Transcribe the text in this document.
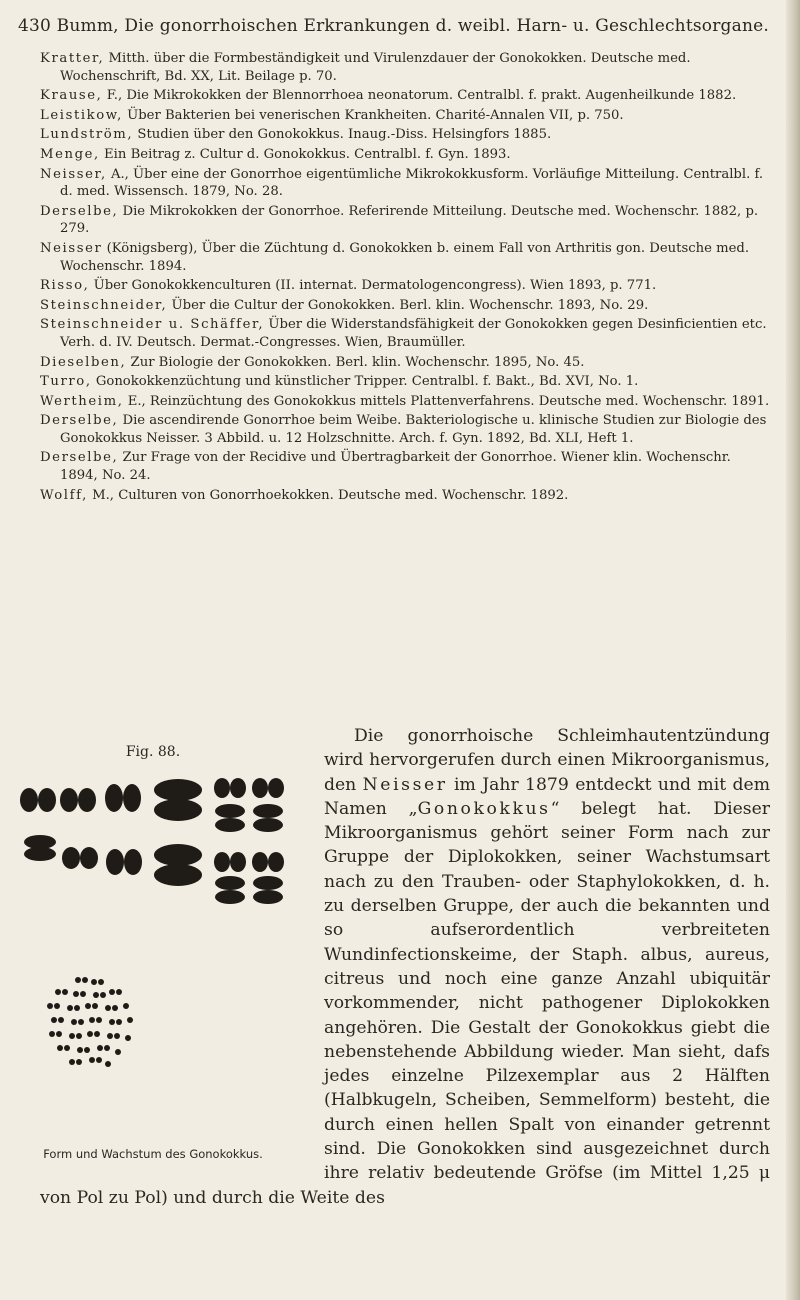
430 Bumm, Die gonorrhoischen Erkrankungen d. weibl. Harn- u. Geschlechtsorgane.

Kratter, Mitth. über die Formbeständigkeit und Virulenzdauer der Gonokokken. Deutsche med. Wochenschrift, Bd. XX, Lit. Beilage p. 70.

Krause, F., Die Mikrokokken der Blennorrhoea neonatorum. Centralbl. f. prakt. Augenheilkunde 1882.

Leistikow, Über Bakterien bei venerischen Krankheiten. Charité-Annalen VII, p. 750.

Lundström, Studien über den Gonokokkus. Inaug.-Diss. Helsingfors 1885.

Menge, Ein Beitrag z. Cultur d. Gonokokkus. Centralbl. f. Gyn. 1893.

Neisser, A., Über eine der Gonorrhoe eigentümliche Mikrokokkusform. Vorläufige Mitteilung. Centralbl. f. d. med. Wissensch. 1879, No. 28.

Derselbe, Die Mikrokokken der Gonorrhoe. Referirende Mitteilung. Deutsche med. Wochenschr. 1882, p. 279.

Neisser (Königsberg), Über die Züchtung d. Gonokokken b. einem Fall von Arthritis gon. Deutsche med. Wochenschr. 1894.

Risso, Über Gonokokkenculturen (II. internat. Dermatologencongress). Wien 1893, p. 771.

Steinschneider, Über die Cultur der Gonokokken. Berl. klin. Wochenschr. 1893, No. 29.

Steinschneider u. Schäffer, Über die Widerstandsfähigkeit der Gonokokken gegen Desinficientien etc. Verh. d. IV. Deutsch. Dermat.-Congresses. Wien, Braumüller.

Dieselben, Zur Biologie der Gonokokken. Berl. klin. Wochenschr. 1895, No. 45.

Turro, Gonokokkenzüchtung und künstlicher Tripper. Centralbl. f. Bakt., Bd. XVI, No. 1.

Wertheim, E., Reinzüchtung des Gonokokkus mittels Plattenverfahrens. Deutsche med. Wochenschr. 1891.

Derselbe, Die ascendirende Gonorrhoe beim Weibe. Bakteriologische u. klinische Studien zur Biologie des Gonokokkus Neisser. 3 Abbild. u. 12 Holzschnitte. Arch. f. Gyn. 1892, Bd. XLI, Heft 1.

Derselbe, Zur Frage von der Recidive und Übertragbarkeit der Gonorrhoe. Wiener klin. Wochenschr. 1894, No. 24.

Wolff, M., Culturen von Gonorrhoekokken. Deutsche med. Wochenschr. 1892.

Fig. 88.
Form und Wachstum des Gonokokkus.

Die gonorrhoische Schleimhautentzündung wird hervorgerufen durch einen Mikroorganismus, den Neisser im Jahr 1879 entdeckt und mit dem Namen „Gonokokkus“ belegt hat. Dieser Mikroorganismus gehört seiner Form nach zur Gruppe der Diplokokken, seiner Wachstumsart nach zu den Trauben- oder Staphylokokken, d. h. zu derselben Gruppe, der auch die bekannten und so aufserordentlich verbreiteten Wundinfectionskeime, der Staph. albus, aureus, citreus und noch eine ganze Anzahl ubiquitär vorkommender, nicht pathogener Diplokokken angehören. Die Gestalt der Gonokokkus giebt die nebenstehende Abbildung wieder. Man sieht, dafs jedes einzelne Pilzexemplar aus 2 Hälften (Halbkugeln, Scheiben, Semmelform) besteht, die durch einen hellen Spalt von einander getrennt sind. Die Gonokokken sind ausgezeichnet durch ihre relativ bedeutende Gröfse (im Mittel 1,25 μ von Pol zu Pol) und durch die Weite des
